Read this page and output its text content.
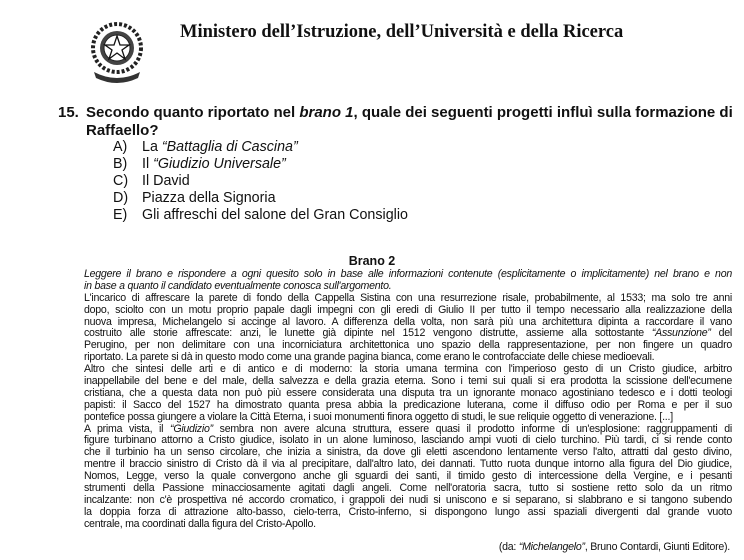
Ministero dell’Istruzione, dell’Università e della Ricerca
15. Secondo quanto riportato nel brano 1, quale dei seguenti progetti influì sulla formazione di Raffaello?
A)	La “Battaglia di Cascina”
B)	Il “Giudizio Universale”
C) Il David
D) Piazza della Signoria
E)	Gli affreschi del salone del Gran Consiglio
Brano 2
Leggere il brano e rispondere a ogni quesito solo in base alle informazioni contenute (esplicitamente o implicitamente) nel brano e non
in base a quanto il candidato eventualmente conosca sull'argomento.
L'incarico di affrescare la parete di fondo della Cappella Sistina con una resurrezione risale, probabilmente, al 1533; ma solo tre anni
dopo, sciolto con un motu proprio papale dagli impegni con gli eredi di Giulio II per tutto il tempo necessario alla realizzazione della
nuova impresa, Michelangelo si accinge al lavoro. A differenza della volta, non sarà più una architettura dipinta a raccordare il vano
costruito alle storie affrescate: anzi, le lunette già dipinte nel 1512 vengono distrutte, assieme alla sottostante “Assunzione” del
Perugino, per non delimitare con una incorniciatura architettonica uno spazio della rappresentazione, per non fingere un quadro
riportato. La parete si dà in questo modo come una grande pagina bianca, come erano le controfacciate delle chiese medioevali.
Altro che sintesi delle arti e di antico e di moderno: la storia umana termina con l'imperioso gesto di un Cristo giudice, arbitro
inappellabile del bene e del male, della salvezza e della grazia eterna. Sono i temi sui quali si era prodotta la scissione dell'ecumene
cristiana, che a questa data non può più essere considerata una disputa tra un ignorante monaco agostiniano tedesco e i dotti teologi
papisti: il Sacco del 1527 ha dimostrato quanta presa abbia la predicazione luterana, come il diffuso odio per Roma e per il suo
pontefice possa giungere a violare la Città Eterna, i suoi monumenti finora oggetto di studi, le sue reliquie oggetto di venerazione. [...]
A prima vista, il “Giudizio” sembra non avere alcuna struttura, essere quasi il prodotto informe di un'esplosione: raggruppamenti di
figure turbinano attorno a Cristo giudice, isolato in un alone luminoso, lasciando ampi vuoti di cielo turchino. Più tardi, ci si rende conto
che il turbinio ha un senso circolare, che inizia a sinistra, da dove gli eletti ascendono lentamente verso l'alto, attratti dal gesto divino,
mentre il braccio sinistro di Cristo dà il via al precipitare, dall'altro lato, dei dannati. Tutto ruota dunque intorno alla figura del Dio giudice,
Nomos, Legge, verso la quale convergono anche gli sguardi dei santi, il timido gesto di intercessione della Vergine, e i pesanti
strumenti della Passione minacciosamente agitati dagli angeli. Come nell'oratoria sacra, tutto si sostiene retto solo da un ritmo
incalzante: non c'è prospettiva né accordo cromatico, i grappoli dei nudi si uniscono e si separano, si slabbrano e si tangono subendo
la doppia forza di attrazione alto-basso, cielo-terra, Cristo-inferno, si dispongono lungo assi spaziali divergenti dal grande vuoto
centrale, ma coordinati dalla figura del Cristo-Apollo.
(da: “Michelangelo”, Bruno Contardi, Giunti Editore).
